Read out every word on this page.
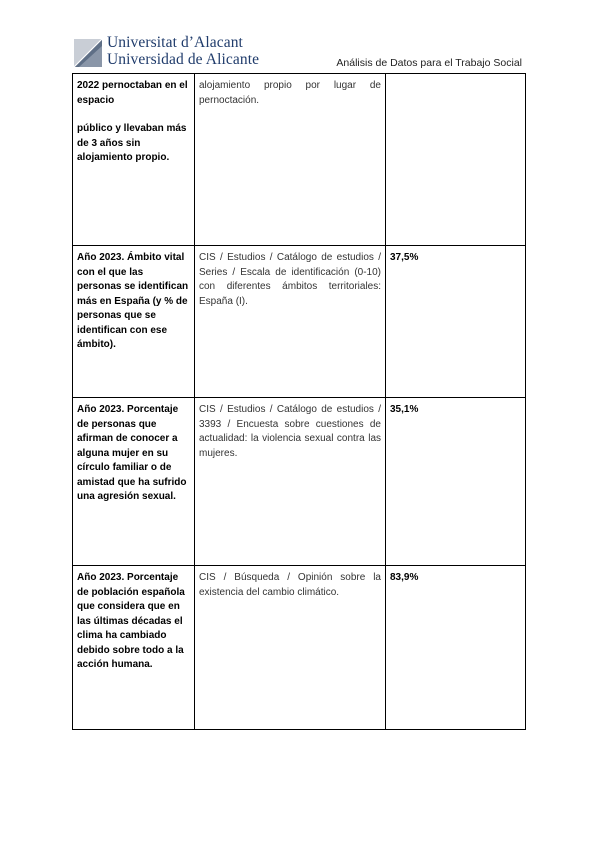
Universitat d’Alacant
Universidad de Alicante	Análisis de Datos para el Trabajo Social
2022 pernoctaban en el espacio
público y llevaban más de 3 años sin alojamiento propio.	alojamiento propio por lugar de pernoctación.	
Año 2023. Ámbito vital con el que las personas se identifican más en España (y % de personas que se identifican con ese ámbito).	CIS / Estudios / Catálogo de estudios / Series / Escala de identificación (0-10) con diferentes ámbitos territoriales: España (I).	37,5%
Año 2023. Porcentaje de personas que afirman de conocer a alguna mujer en su círculo familiar o de amistad que ha sufrido una agresión sexual.	CIS / Estudios / Catálogo de estudios / 3393 / Encuesta sobre cuestiones de actualidad: la violencia sexual contra las mujeres.	35,1%
Año 2023. Porcentaje de población española que considera que en las últimas décadas el clima ha cambiado debido sobre todo a la acción humana.	CIS / Búsqueda / Opinión sobre la existencia del cambio climático.	83,9%
